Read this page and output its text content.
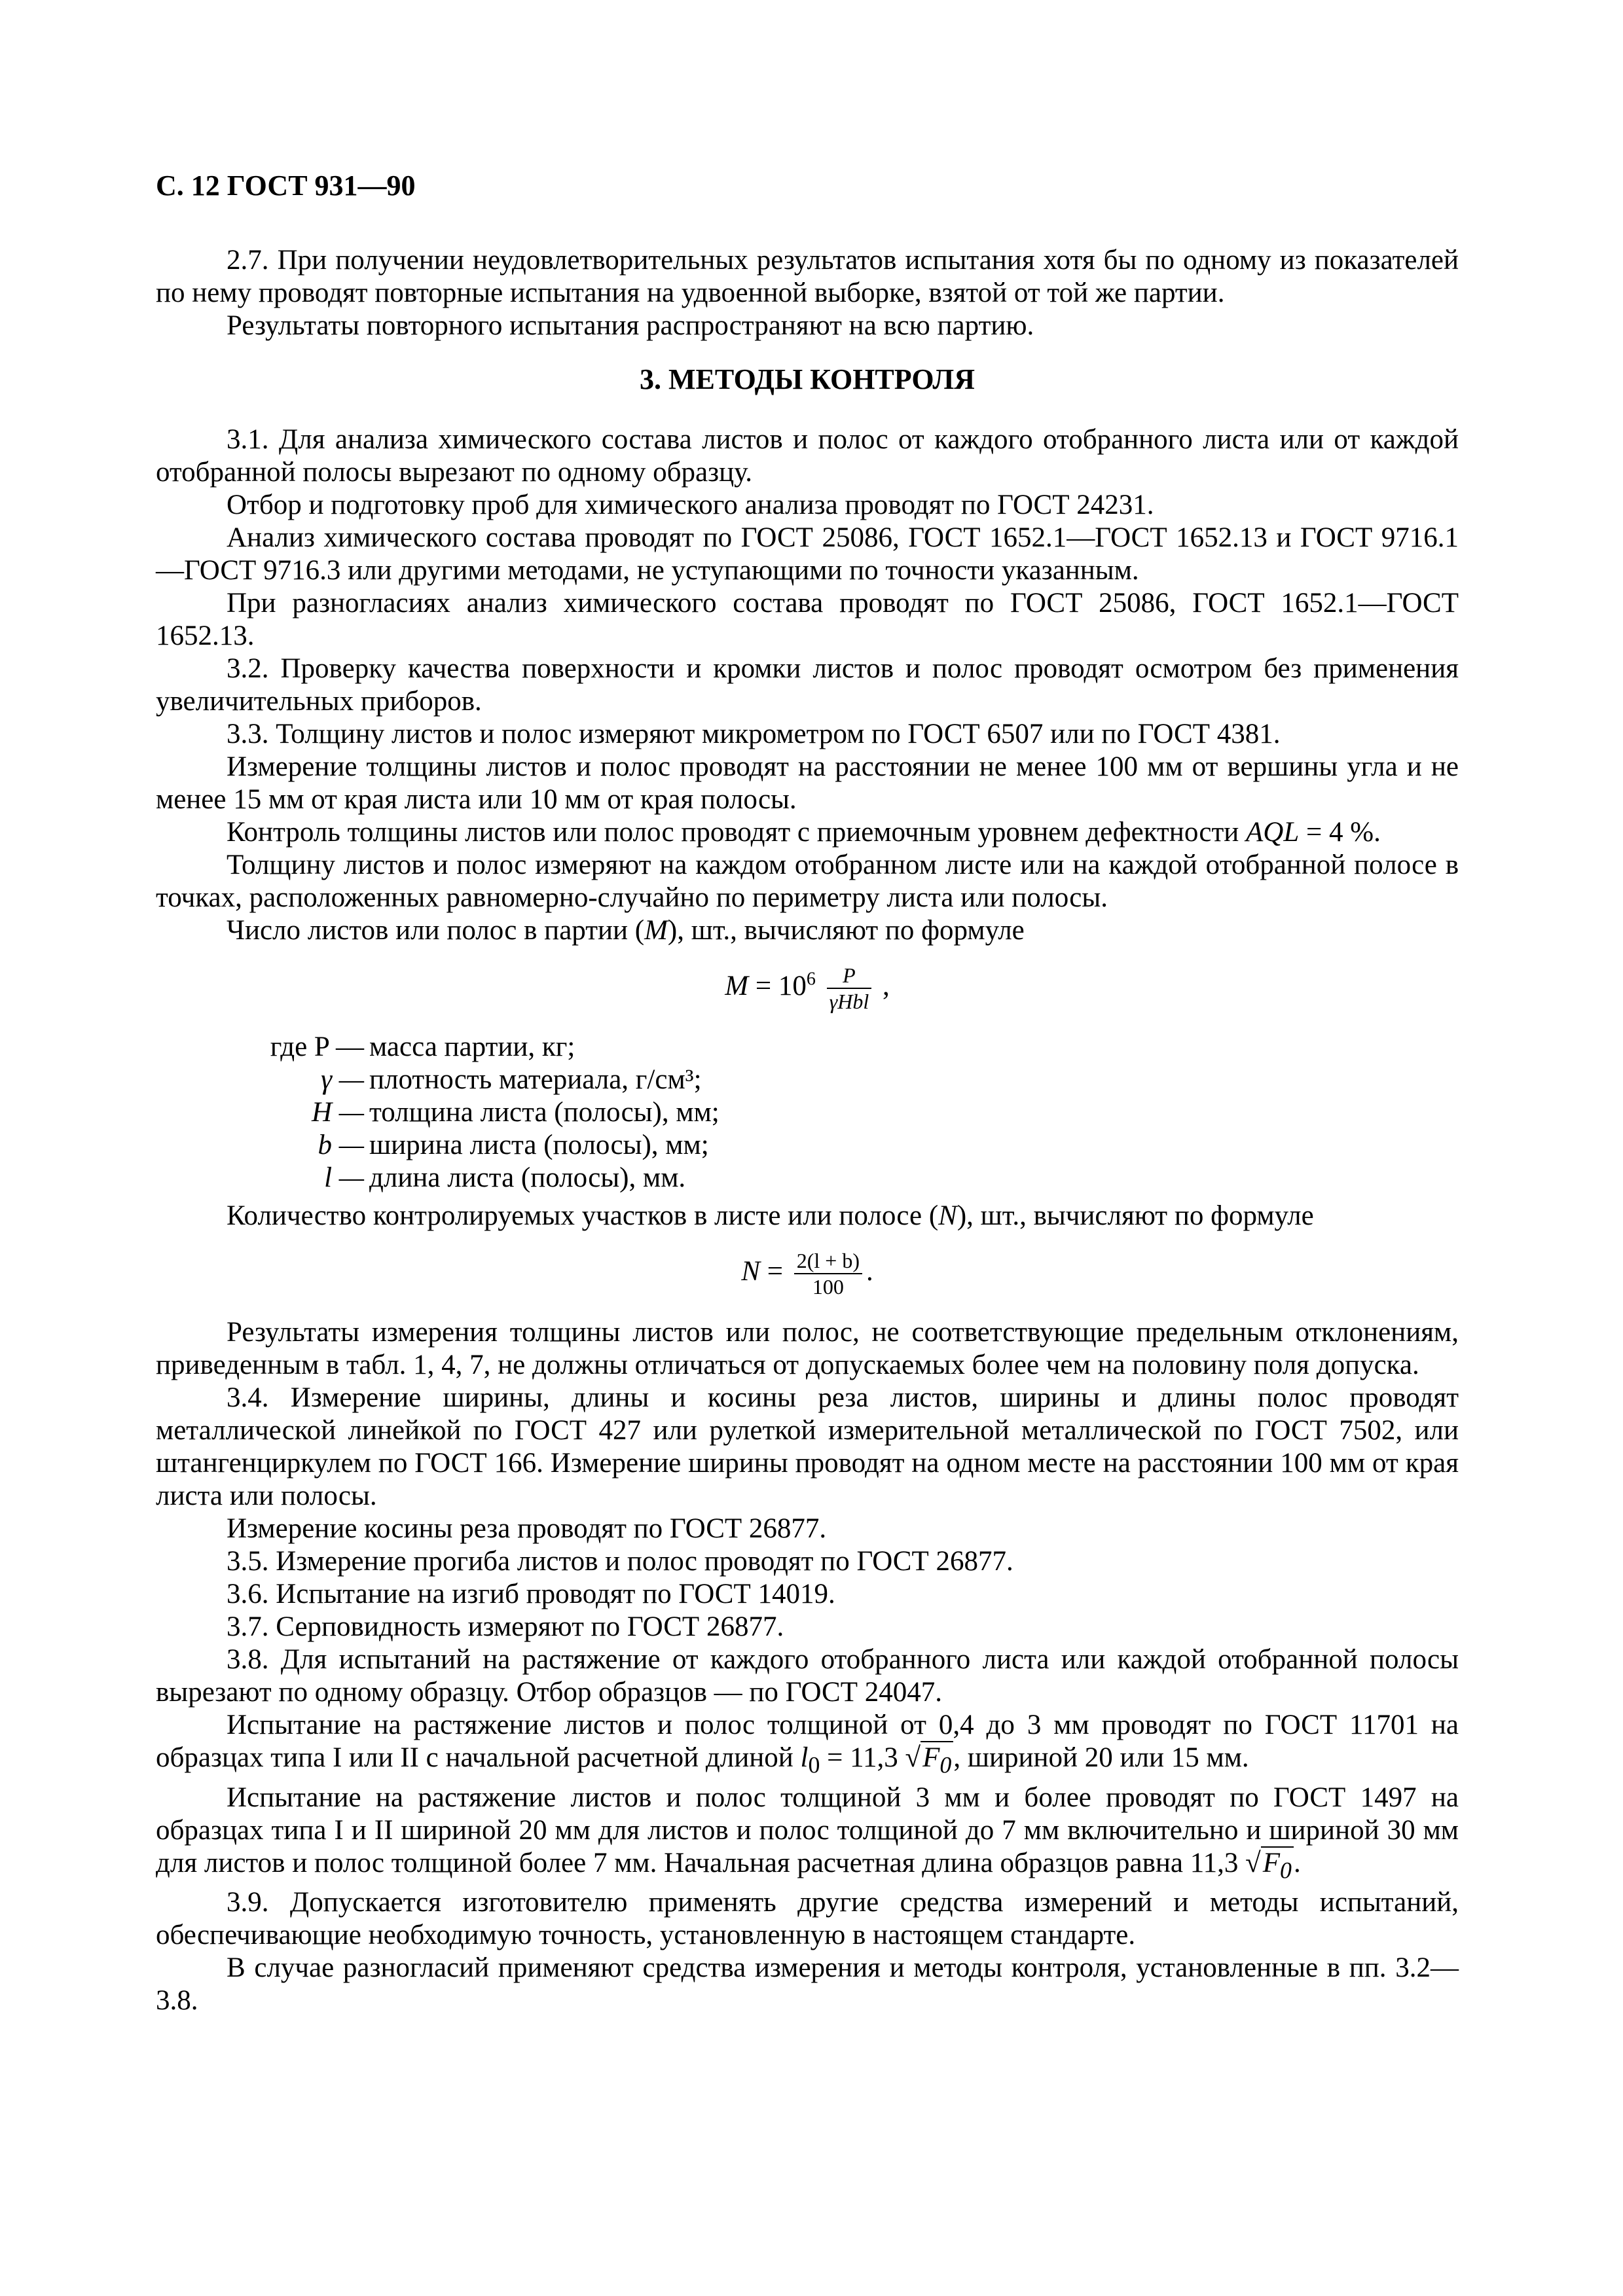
С. 12 ГОСТ 931—90

2.7. При получении неудовлетворительных результатов испытания хотя бы по одному из показателей по нему проводят повторные испытания на удвоенной выборке, взятой от той же партии.

Результаты повторного испытания распространяют на всю партию.

3. МЕТОДЫ КОНТРОЛЯ

3.1. Для анализа химического состава листов и полос от каждого отобранного листа или от каждой отобранной полосы вырезают по одному образцу.

Отбор и подготовку проб для химического анализа проводят по ГОСТ 24231.

Анализ химического состава проводят по ГОСТ 25086, ГОСТ 1652.1—ГОСТ 1652.13 и ГОСТ 9716.1—ГОСТ 9716.3 или другими методами, не уступающими по точности указанным.

При разногласиях анализ химического состава проводят по ГОСТ 25086, ГОСТ 1652.1—ГОСТ 1652.13.

3.2. Проверку качества поверхности и кромки листов и полос проводят осмотром без применения увеличительных приборов.

3.3. Толщину листов и полос измеряют микрометром по ГОСТ 6507 или по ГОСТ 4381.

Измерение толщины листов и полос проводят на расстоянии не менее 100 мм от вершины угла и не менее 15 мм от края листа или 10 мм от края полосы.

Контроль толщины листов или полос проводят с приемочным уровнем дефектности AQL = 4 %.

Толщину листов и полос измеряют на каждом отобранном листе или на каждой отобранной полосе в точках, расположенных равномерно-случайно по периметру листа или полосы.

Число листов или полос в партии (M), шт., вычисляют по формуле

$M = 10^6 \frac{P}{\text{γHbl}}$ ,
где P — масса партии, кг;
γ — плотность материала, г/см³;
H — толщина листа (полосы), мм;
b — ширина листа (полосы), мм;
l — длина листа (полосы), мм.

Количество контролируемых участков в листе или полосе (N), шт., вычисляют по формуле

$N = \frac{2(l + b)}{100}$ .

Результаты измерения толщины листов или полос, не соответствующие предельным отклонениям, приведенным в табл. 1, 4, 7, не должны отличаться от допускаемых более чем на половину поля допуска.

3.4. Измерение ширины, длины и косины реза листов, ширины и длины полос проводят металлической линейкой по ГОСТ 427 или рулеткой измерительной металлической по ГОСТ 7502, или штангенциркулем по ГОСТ 166. Измерение ширины проводят на одном месте на расстоянии 100 мм от края листа или полосы.

Измерение косины реза проводят по ГОСТ 26877.

3.5. Измерение прогиба листов и полос проводят по ГОСТ 26877.

3.6. Испытание на изгиб проводят по ГОСТ 14019.

3.7. Серповидность измеряют по ГОСТ 26877.

3.8. Для испытаний на растяжение от каждого отобранного листа или каждой отобранной полосы вырезают по одному образцу. Отбор образцов — по ГОСТ 24047.

Испытание на растяжение листов и полос толщиной от 0,4 до 3 мм проводят по ГОСТ 11701 на образцах типа I или II с начальной расчетной длиной $l_0 = 11,3$ $√F_0$, шириной 20 или 15 мм.

Испытание на растяжение листов и полос толщиной 3 мм и более проводят по ГОСТ 1497 на образцах типа I и II шириной 20 мм для листов и полос толщиной до 7 мм включительно и шириной 30 мм для листов и полос толщиной более 7 мм. Начальная расчетная длина образцов равна 11,3 $√F_0$.

3.9. Допускается изготовителю применять другие средства измерений и методы испытаний, обеспечивающие необходимую точность, установленную в настоящем стандарте.

В случае разногласий применяют средства измерения и методы контроля, установленные в пп. 3.2—3.8.
